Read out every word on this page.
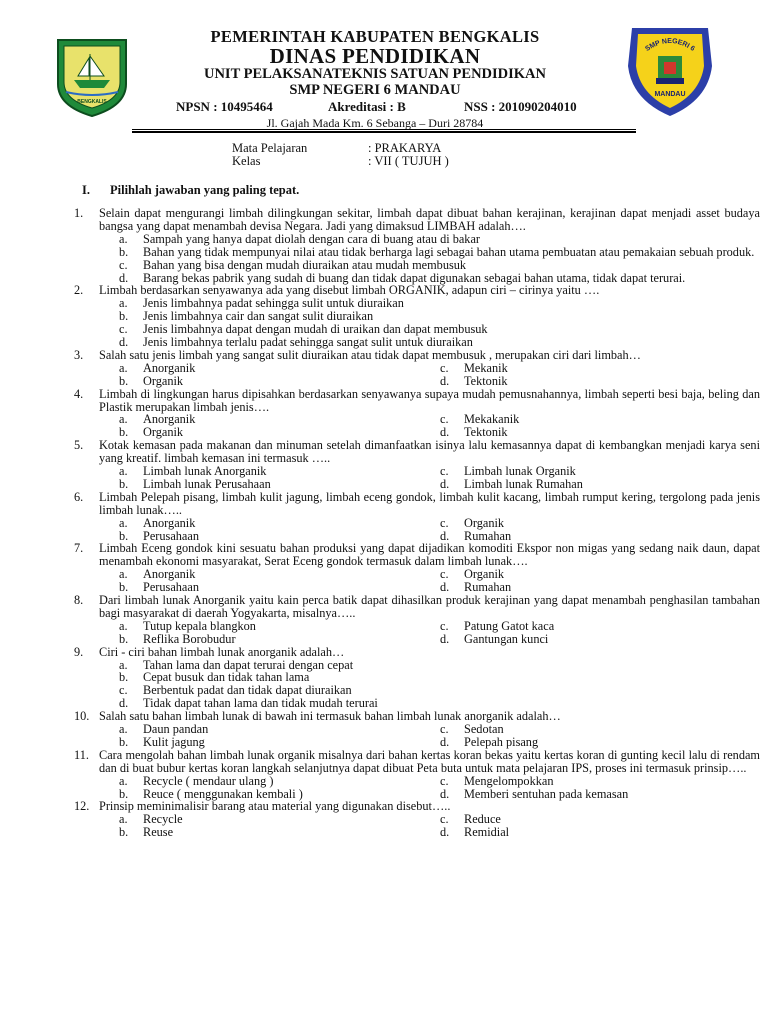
BENGKALIS
SMP NEGERI 6
MANDAU
PEMERINTAH KABUPATEN BENGKALIS
DINAS PENDIDIKAN
UNIT PELAKSANATEKNIS SATUAN PENDIDIKAN
SMP NEGERI 6 MANDAU
NPSN : 10495464	Akreditasi : B	NSS : 201090204010
Jl. Gajah Mada Km. 6 Sebanga – Duri 28784
Mata Pelajaran	: PRAKARYA
Kelas	: VII ( TUJUH )
I. Pilihlah jawaban yang paling tepat.
1. Selain dapat mengurangi limbah dilingkungan sekitar, limbah dapat dibuat bahan kerajinan, kerajinan dapat menjadi asset budaya bangsa yang dapat menambah devisa Negara. Jadi yang dimaksud LIMBAH adalah….
a. Sampah yang hanya dapat diolah dengan cara di buang atau di bakar
b. Bahan yang tidak mempunyai nilai atau tidak berharga lagi sebagai bahan utama pembuatan atau pemakaian sebuah produk.
c. Bahan yang bisa dengan mudah diuraikan atau mudah membusuk
d. Barang bekas pabrik yang sudah di buang dan tidak dapat digunakan sebagai bahan utama, tidak dapat terurai.
2. Limbah berdasarkan senyawanya ada yang disebut limbah ORGANIK, adapun ciri – cirinya yaitu ….
a. Jenis limbahnya padat sehingga sulit untuk diuraikan
b. Jenis limbahnya cair dan sangat sulit diuraikan
c. Jenis limbahnya dapat dengan mudah di uraikan dan dapat membusuk
d. Jenis limbahnya terlalu padat sehingga sangat sulit untuk diuraikan
3. Salah satu jenis limbah yang sangat sulit diuraikan atau tidak dapat membusuk , merupakan ciri dari limbah…
a. Anorganik	c. Mekanik
b. Organik	d. Tektonik
4. Limbah di lingkungan harus dipisahkan berdasarkan senyawanya supaya mudah pemusnahannya, limbah seperti besi baja, beling dan Plastik merupakan limbah jenis….
a. Anorganik	c. Mekakanik
b. Organik	d. Tektonik
5. Kotak kemasan pada makanan dan minuman setelah dimanfaatkan isinya lalu kemasannya dapat di kembangkan menjadi karya seni yang kreatif. limbah kemasan ini termasuk …..
a. Limbah lunak Anorganik	c. Limbah lunak Organik
b. Limbah lunak Perusahaan	d. Limbah lunak Rumahan
6. Limbah Pelepah pisang, limbah kulit jagung, limbah eceng gondok, limbah kulit kacang, limbah rumput kering, tergolong pada jenis limbah lunak…..
a. Anorganik	c. Organik
b. Perusahaan	d. Rumahan
7. Limbah Eceng gondok kini sesuatu bahan produksi yang dapat dijadikan komoditi Ekspor non migas yang sedang naik daun, dapat menambah ekonomi masyarakat, Serat Eceng gondok termasuk dalam limbah lunak….
a. Anorganik	c. Organik
b. Perusahaan	d. Rumahan
8. Dari limbah lunak Anorganik yaitu kain perca batik dapat dihasilkan produk kerajinan yang dapat menambah penghasilan tambahan bagi masyarakat di daerah Yogyakarta, misalnya…..
a. Tutup kepala blangkon	c. Patung Gatot kaca
b. Reflika Borobudur	d. Gantungan kunci
9. Ciri - ciri bahan limbah lunak anorganik adalah…
a. Tahan lama dan dapat terurai dengan cepat
b. Cepat busuk dan tidak tahan lama
c. Berbentuk padat dan tidak dapat diuraikan
d. Tidak dapat tahan lama dan tidak mudah terurai
10. Salah satu bahan limbah lunak di bawah ini termasuk bahan limbah lunak anorganik adalah…
a. Daun pandan	c. Sedotan
b. Kulit jagung	d. Pelepah pisang
11. Cara mengolah bahan limbah lunak organik misalnya dari bahan kertas koran bekas yaitu kertas koran di gunting kecil lalu di rendam dan di buat bubur kertas koran langkah selanjutnya dapat dibuat Peta buta untuk mata pelajaran IPS, proses ini termasuk prinsip…..
a. Recycle ( mendaur ulang )	c. Mengelompokkan
b. Reuce ( menggunakan kembali )	d. Memberi sentuhan pada kemasan
12. Prinsip meminimalisir barang atau material yang digunakan disebut…..
a. Recycle	c. Reduce
b. Reuse	d. Remidial
